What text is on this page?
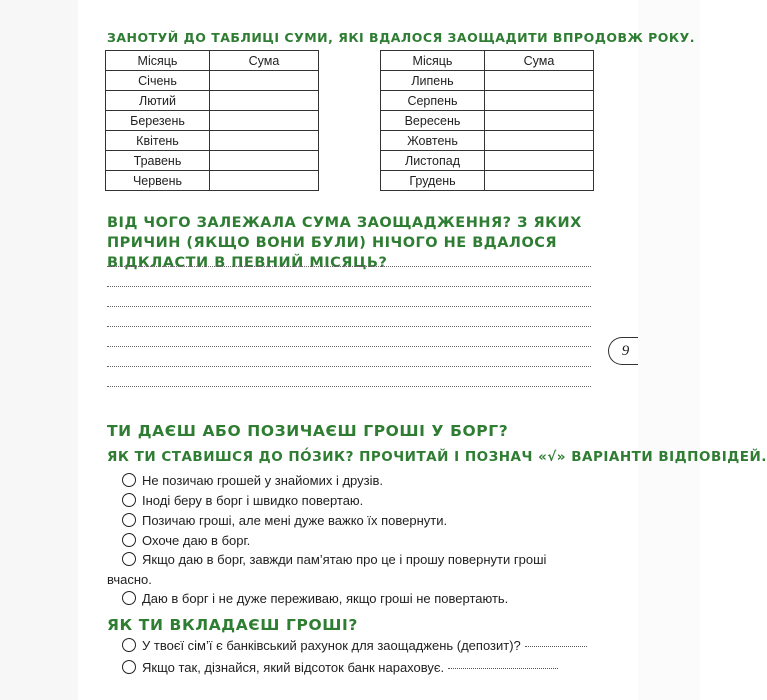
ЗАНОТУЙ ДО ТАБЛИЦІ СУМИ, ЯКІ ВДАЛОСЯ ЗАОЩАДИТИ ВПРОДОВЖ РОКУ.
Місяць	Сума
Січень	
Лютий	
Березень	
Квітень	
Травень	
Червень	
Місяць	Сума
Липень	
Серпень	
Вересень	
Жовтень	
Листопад	
Грудень	
ВІД ЧОГО ЗАЛЕЖАЛА СУМА ЗАОЩАДЖЕННЯ? З ЯКИХ ПРИЧИН (ЯКЩО ВОНИ БУЛИ) НІЧОГО НЕ ВДАЛОСЯ ВІДКЛАСТИ В ПЕВНИЙ МІСЯЦЬ?
9
ТИ ДАЄШ АБО ПОЗИЧАЄШ ГРОШІ У БОРГ?
ЯК ТИ СТАВИШСЯ ДО ПО́ЗИК? ПРОЧИТАЙ І ПОЗНАЧ «√» ВАРІАНТИ ВІДПОВІДЕЙ.
Не позичаю грошей у знайомих і друзів.
Іноді беру в борг і швидко повертаю.
Позичаю гроші, але мені дуже важко їх повернути.
Охоче даю в борг.
Якщо даю в борг, завжди пам’ятаю про це і прошу повернути гроші
вчасно.
Даю в борг і не дуже переживаю, якщо гроші не повертають.
ЯК ТИ ВКЛАДАЄШ ГРОШІ?
У твоєї сім’ї є банківський рахунок для заощаджень (депозит)?
Якщо так, дізнайся, який відсоток банк нараховує.
